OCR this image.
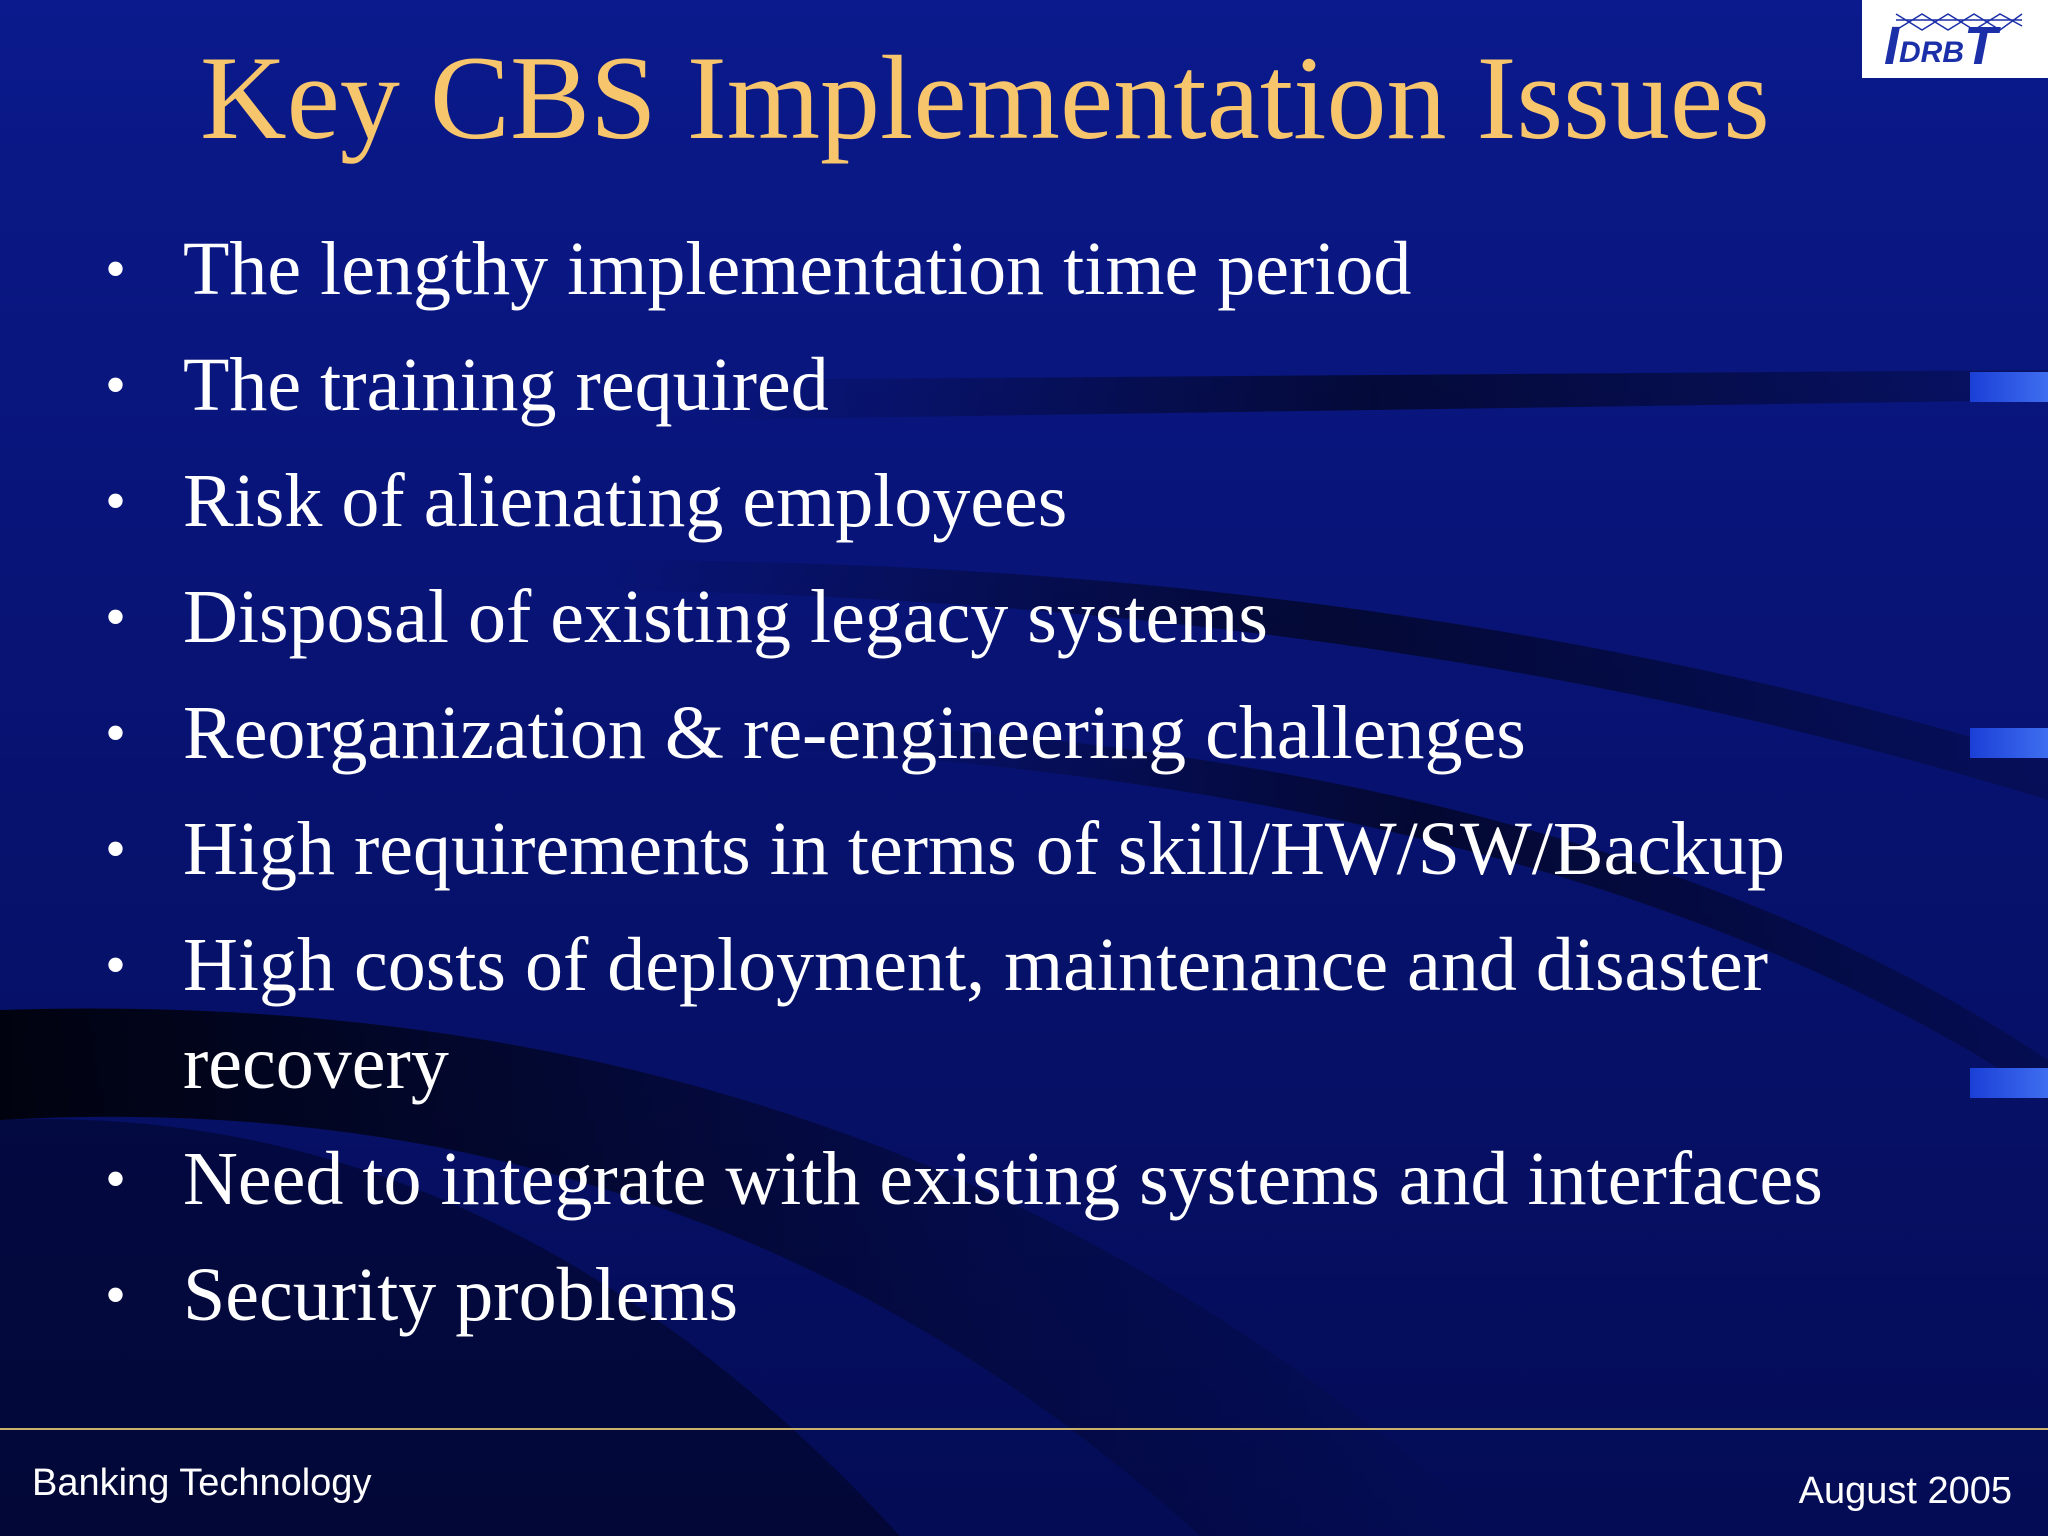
Key CBS Implementation Issues	IDRBT
• The lengthy implementation time period
• The training required
• Risk of alienating employees
• Disposal of existing legacy systems
• Reorganization & re-engineering challenges
• High requirements in terms of skill/HW/SW/Backup
• High costs of deployment, maintenance and disaster recovery
• Need to integrate with existing systems and interfaces
• Security problems
Banking Technology	August 2005
